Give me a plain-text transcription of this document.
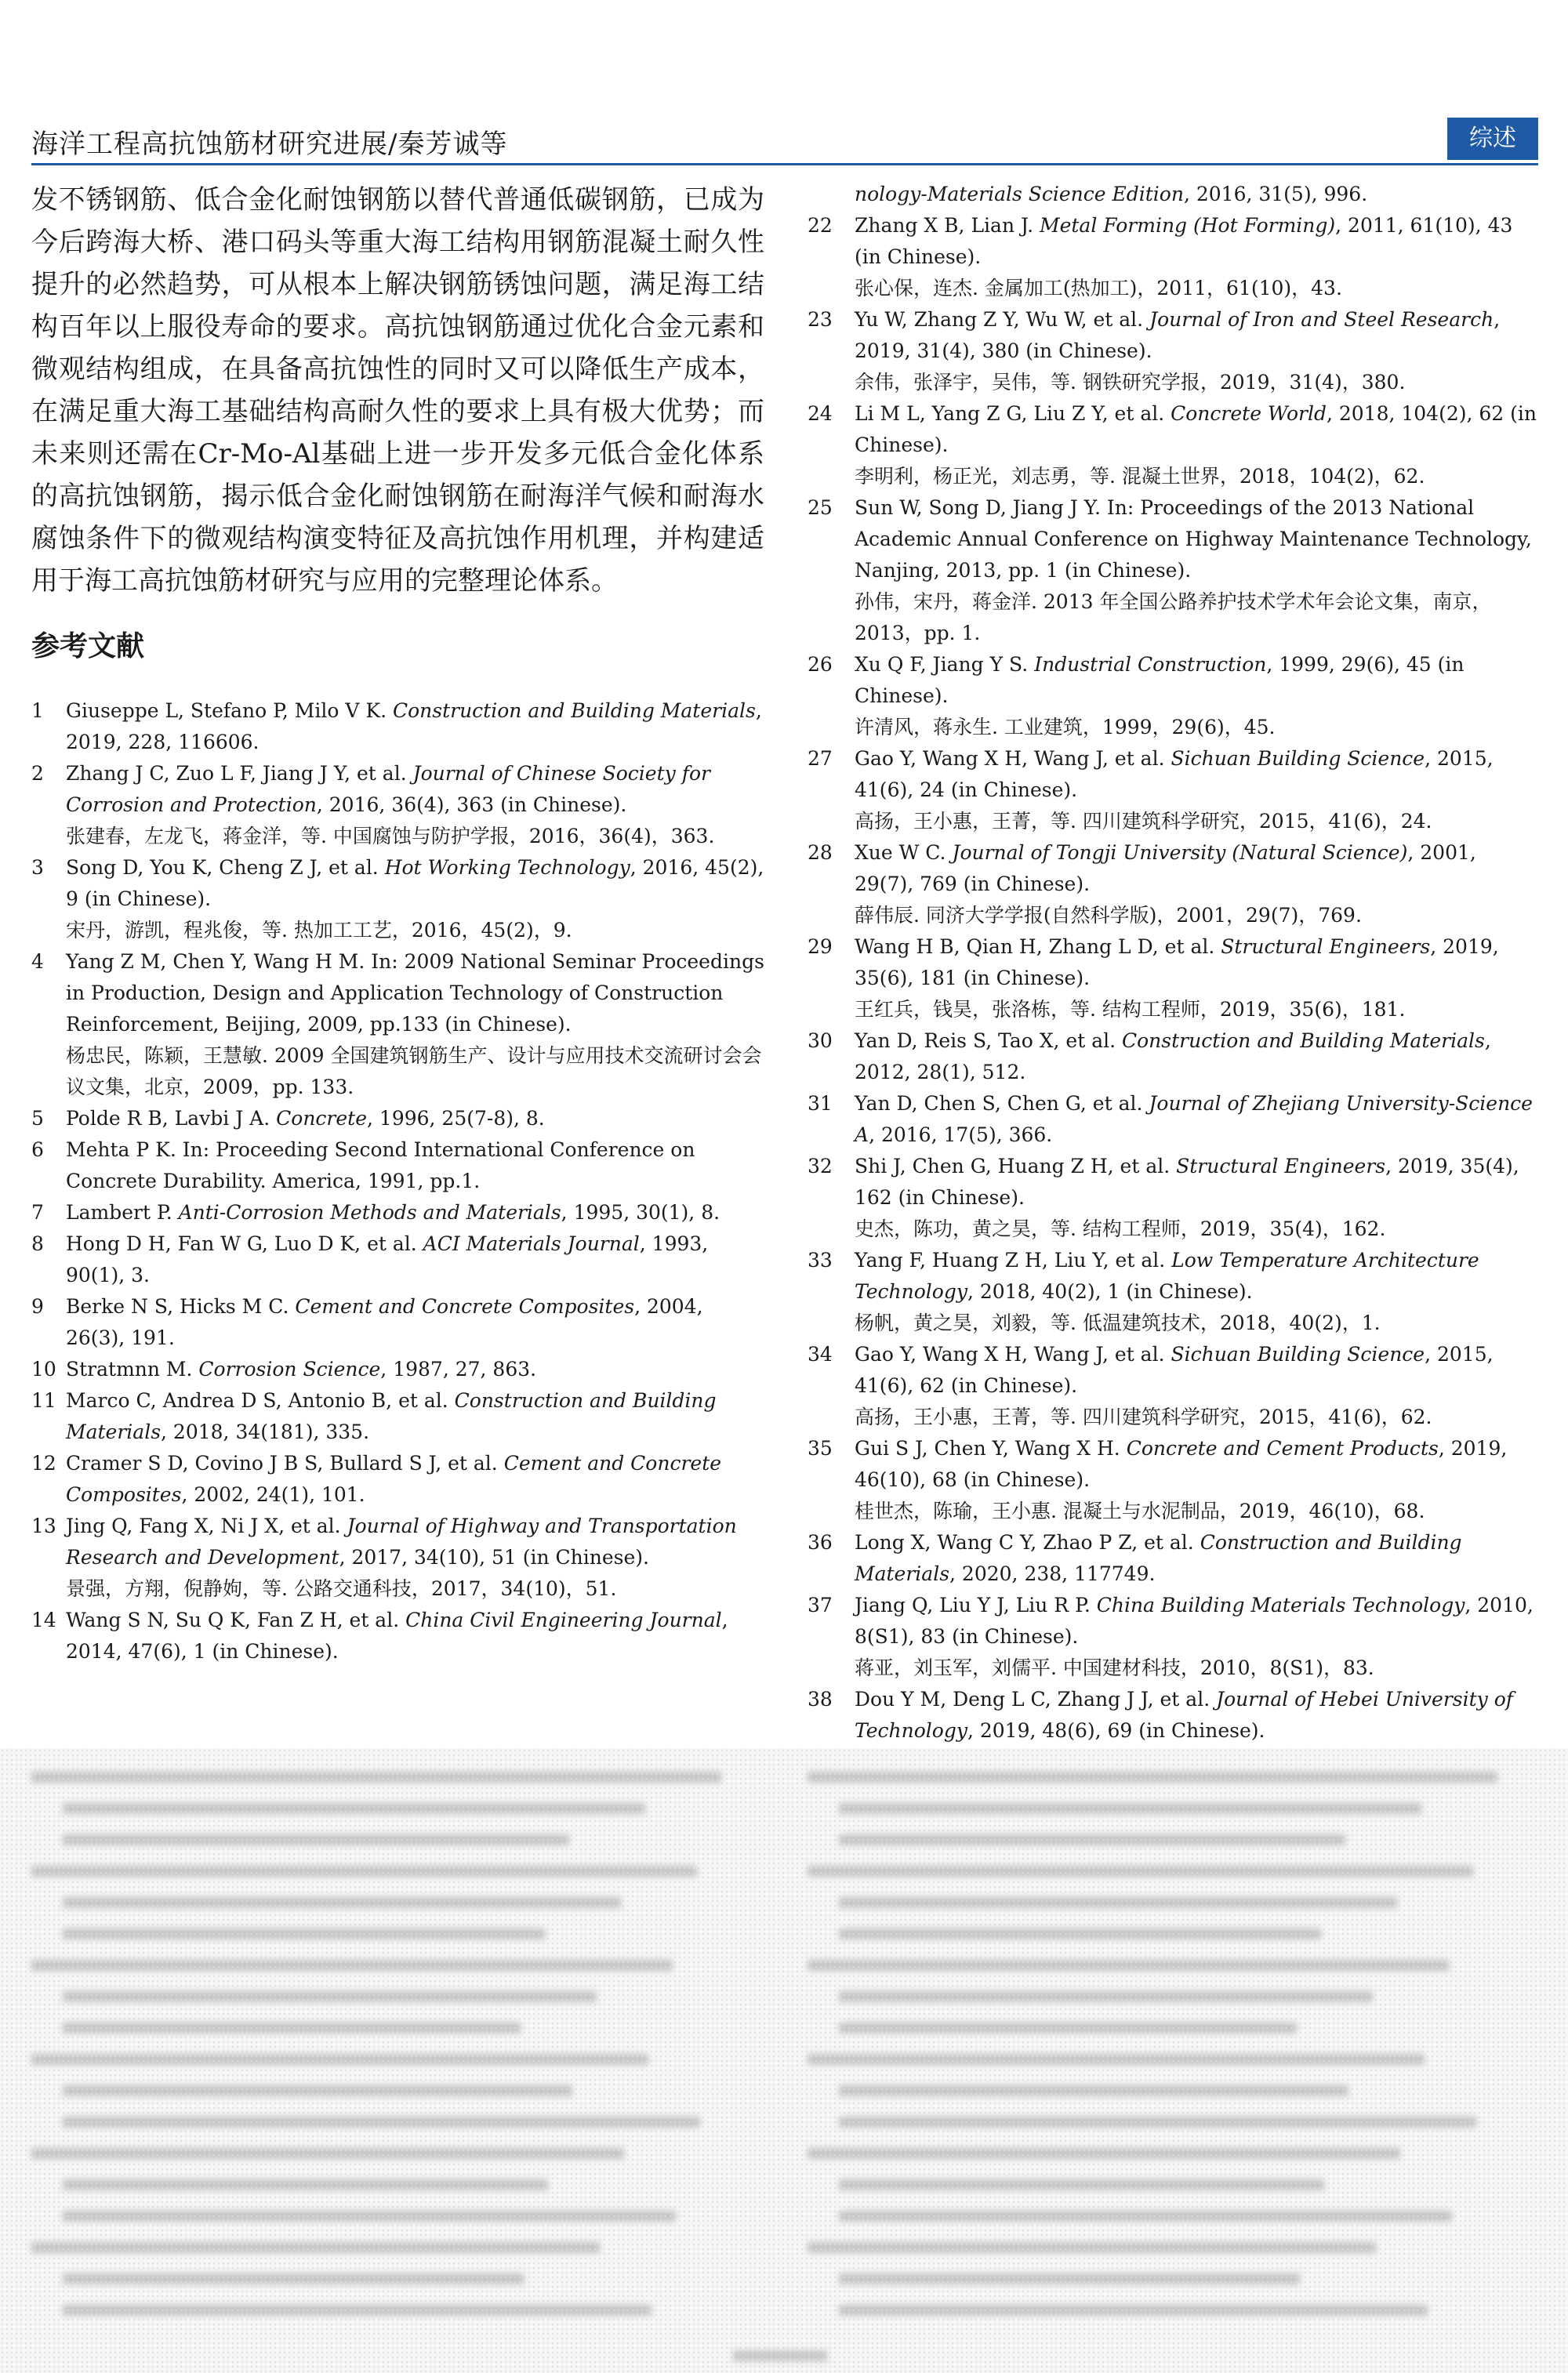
海洋工程高抗蚀筋材研究进展/秦芳诚等	综述

发不锈钢筋、低合金化耐蚀钢筋以替代普通低碳钢筋，已成为今后跨海大桥、港口码头等重大海工结构用钢筋混凝土耐久性提升的必然趋势，可从根本上解决钢筋锈蚀问题，满足海工结构百年以上服役寿命的要求。高抗蚀钢筋通过优化合金元素和微观结构组成，在具备高抗蚀性的同时又可以降低生产成本，在满足重大海工基础结构高耐久性的要求上具有极大优势；而未来则还需在Cr-Mo-Al基础上进一步开发多元低合金化体系的高抗蚀钢筋，揭示低合金化耐蚀钢筋在耐海洋气候和耐海水腐蚀条件下的微观结构演变特征及高抗蚀作用机理，并构建适用于海工高抗蚀筋材研究与应用的完整理论体系。

参考文献
1 Giuseppe L, Stefano P, Milo V K. Construction and Building Materials, 2019, 228, 116606.
2 Zhang J C, Zuo L F, Jiang J Y, et al. Journal of Chinese Society for Corrosion and Protection, 2016, 36(4), 363 (in Chinese).
张建春，左龙飞，蒋金洋，等. 中国腐蚀与防护学报，2016，36(4)，363.
3 Song D, You K, Cheng Z J, et al. Hot Working Technology, 2016, 45(2), 9 (in Chinese).
宋丹，游凯，程兆俊，等. 热加工工艺，2016，45(2)，9.
4 Yang Z M, Chen Y, Wang H M. In: 2009 National Seminar Proceedings in Production, Design and Application Technology of Construction Reinforcement, Beijing, 2009, pp.133 (in Chinese).
杨忠民，陈颖，王慧敏. 2009 全国建筑钢筋生产、设计与应用技术交流研讨会会议文集，北京，2009，pp. 133.
5 Polde R B, Lavbi J A. Concrete, 1996, 25(7-8), 8.
6 Mehta P K. In: Proceeding Second International Conference on Concrete Durability. America, 1991, pp.1.
7 Lambert P. Anti-Corrosion Methods and Materials, 1995, 30(1), 8.
8 Hong D H, Fan W G, Luo D K, et al. ACI Materials Journal, 1993, 90(1), 3.
9 Berke N S, Hicks M C. Cement and Concrete Composites, 2004, 26(3), 191.
10 Stratmnn M. Corrosion Science, 1987, 27, 863.
11 Marco C, Andrea D S, Antonio B, et al. Construction and Building Materials, 2018, 34(181), 335.
12 Cramer S D, Covino J B S, Bullard S J, et al. Cement and Concrete Composites, 2002, 24(1), 101.
13 Jing Q, Fang X, Ni J X, et al. Journal of Highway and Transportation Research and Development, 2017, 34(10), 51 (in Chinese).
景强，方翔，倪静姁，等. 公路交通科技，2017，34(10)，51.
14 Wang S N, Su Q K, Fan Z H, et al. China Civil Engineering Journal, 2014, 47(6), 1 (in Chinese).
nology-Materials Science Edition, 2016, 31(5), 996.
22 Zhang X B, Lian J. Metal Forming (Hot Forming), 2011, 61(10), 43 (in Chinese).
张心保，连杰. 金属加工(热加工)，2011，61(10)，43.
23 Yu W, Zhang Z Y, Wu W, et al. Journal of Iron and Steel Research, 2019, 31(4), 380 (in Chinese).
余伟，张泽宇，吴伟，等. 钢铁研究学报，2019，31(4)，380.
24 Li M L, Yang Z G, Liu Z Y, et al. Concrete World, 2018, 104(2), 62 (in Chinese).
李明利，杨正光，刘志勇，等. 混凝土世界，2018，104(2)，62.
25 Sun W, Song D, Jiang J Y. In: Proceedings of the 2013 National Academic Annual Conference on Highway Maintenance Technology, Nanjing, 2013, pp. 1 (in Chinese).
孙伟，宋丹，蒋金洋. 2013 年全国公路养护技术学术年会论文集，南京，2013，pp. 1.
26 Xu Q F, Jiang Y S. Industrial Construction, 1999, 29(6), 45 (in Chinese).
许清风，蒋永生. 工业建筑，1999，29(6)，45.
27 Gao Y, Wang X H, Wang J, et al. Sichuan Building Science, 2015, 41(6), 24 (in Chinese).
高扬，王小惠，王菁，等. 四川建筑科学研究，2015，41(6)，24.
28 Xue W C. Journal of Tongji University (Natural Science), 2001, 29(7), 769 (in Chinese).
薛伟辰. 同济大学学报(自然科学版)，2001，29(7)，769.
29 Wang H B, Qian H, Zhang L D, et al. Structural Engineers, 2019, 35(6), 181 (in Chinese).
王红兵，钱昊，张洛栋，等. 结构工程师，2019，35(6)，181.
30 Yan D, Reis S, Tao X, et al. Construction and Building Materials, 2012, 28(1), 512.
31 Yan D, Chen S, Chen G, et al. Journal of Zhejiang University-Science A, 2016, 17(5), 366.
32 Shi J, Chen G, Huang Z H, et al. Structural Engineers, 2019, 35(4), 162 (in Chinese).
史杰，陈功，黄之昊，等. 结构工程师，2019，35(4)，162.
33 Yang F, Huang Z H, Liu Y, et al. Low Temperature Architecture Technology, 2018, 40(2), 1 (in Chinese).
杨帆，黄之昊，刘毅，等. 低温建筑技术，2018，40(2)，1.
34 Gao Y, Wang X H, Wang J, et al. Sichuan Building Science, 2015, 41(6), 62 (in Chinese).
高扬，王小惠，王菁，等. 四川建筑科学研究，2015，41(6)，62.
35 Gui S J, Chen Y, Wang X H. Concrete and Cement Products, 2019, 46(10), 68 (in Chinese).
桂世杰，陈瑜，王小惠. 混凝土与水泥制品，2019，46(10)，68.
36 Long X, Wang C Y, Zhao P Z, et al. Construction and Building Materials, 2020, 238, 117749.
37 Jiang Q, Liu Y J, Liu R P. China Building Materials Technology, 2010, 8(S1), 83 (in Chinese).
蒋亚，刘玉军，刘儒平. 中国建材科技，2010，8(S1)，83.
38 Dou Y M, Deng L C, Zhang J J, et al. Journal of Hebei University of Technology, 2019, 48(6), 69 (in Chinese).
